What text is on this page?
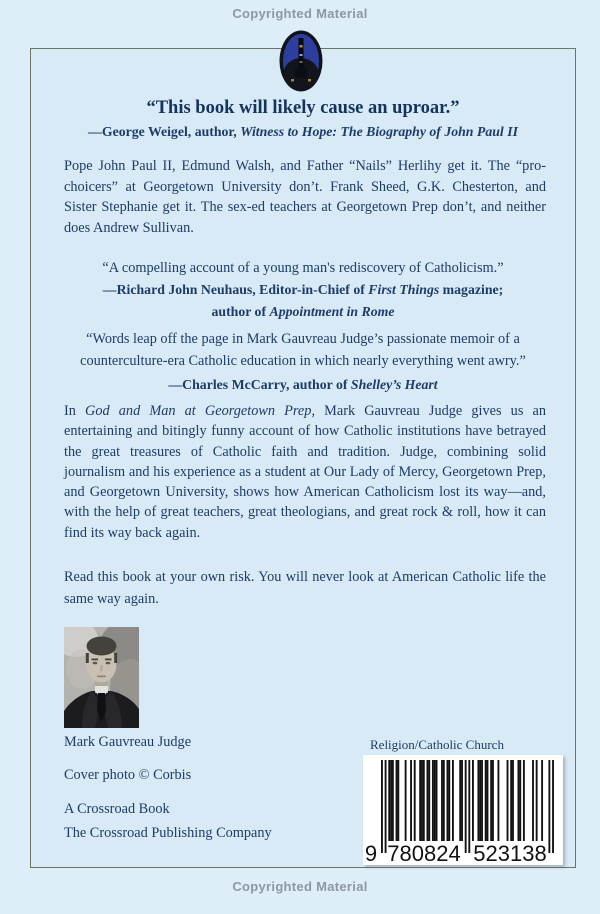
Copyrighted Material
“This book will likely cause an uproar.”
—George Weigel, author, Witness to Hope: The Biography of John Paul II
Pope John Paul II, Edmund Walsh, and Father “Nails” Herlihy get it. The “pro-choicers” at Georgetown University don’t. Frank Sheed, G.K. Chesterton, and Sister Stephanie get it. The sex-ed teachers at Georgetown Prep don’t, and neither does Andrew Sullivan.
“A compelling account of a young man's rediscovery of Catholicism.”
—Richard John Neuhaus, Editor-in-Chief of First Things magazine;
author of Appointment in Rome
“Words leap off the page in Mark Gauvreau Judge’s passionate memoir of a
counterculture-era Catholic education in which nearly everything went awry.”
—Charles McCarry, author of Shelley’s Heart
In God and Man at Georgetown Prep, Mark Gauvreau Judge gives us an entertaining and bitingly funny account of how Catholic institutions have betrayed the great treasures of Catholic faith and tradition. Judge, combining solid journalism and his experience as a student at Our Lady of Mercy, Georgetown Prep, and Georgetown University, shows how American Catholicism lost its way—and, with the help of great teachers, great theologians, and great rock & roll, how it can find its way back again.
Read this book at your own risk. You will never look at American Catholic life the same way again.
Mark Gauvreau Judge
Cover photo © Corbis
A Crossroad Book
The Crossroad Publishing Company
Religion/Catholic Church
9 780824 523138
Copyrighted Material
